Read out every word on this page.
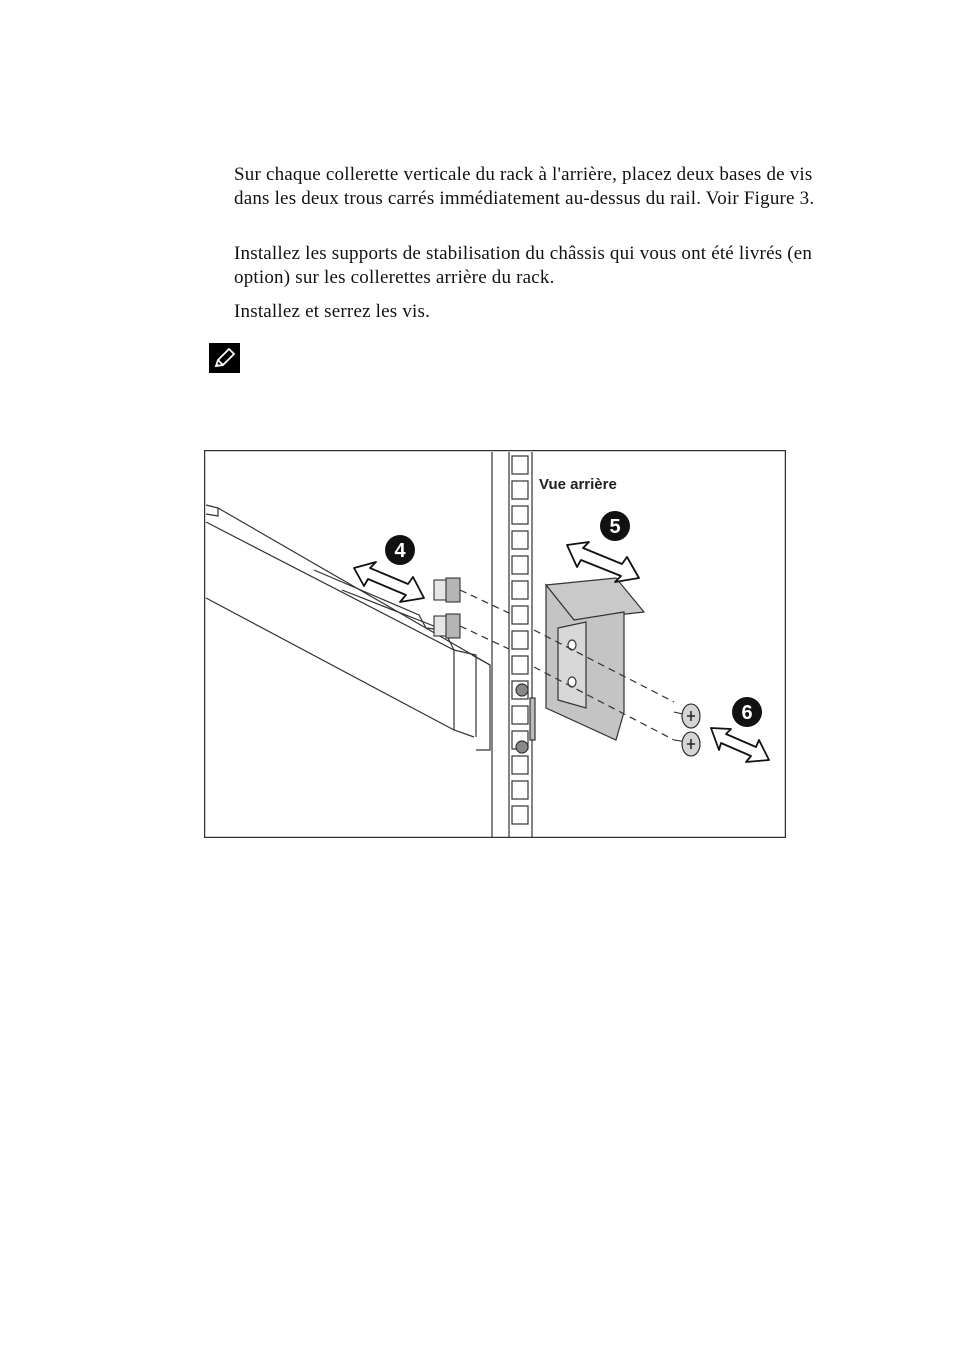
Sur chaque collerette verticale du rack à l'arrière, placez deux bases de vis dans les deux trous carrés immédiatement au-dessus du rail. Voir Figure 3.
Installez les supports de stabilisation du châssis qui vous ont été livrés (en option) sur les collerettes arrière du rack.
Installez et serrez les vis.
4
5
6
Vue arrière
